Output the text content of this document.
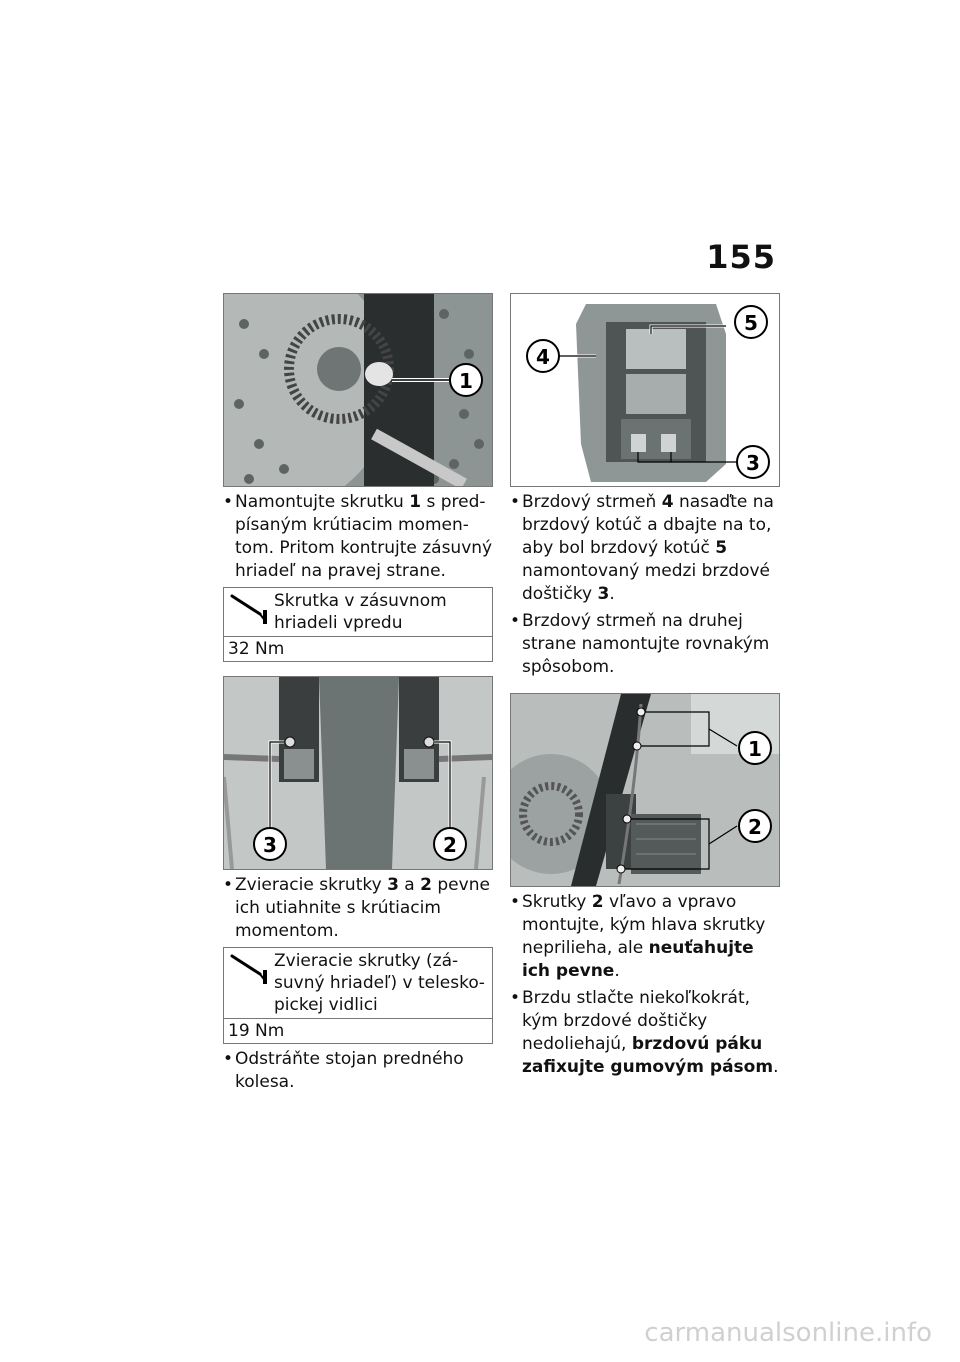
155
1
• Namontujte skrutku 1 s predpísaným krútiacim momentom. Pritom kontrujte zásuvný hriadeľ na pravej strane.
Skrutka v zásuvnom hriadeli vpredu
32 Nm
3	2
• Zvieracie skrutky 3 a 2 pevne ich utiahnite s krútiacim momentom.
Zvieracie skrutky (zásuvný hriadeľ) v teleskopickej vidlici
19 Nm
• Odstráňte stojan predného kolesa.
4
5
3
• Brzdový strmeň 4 nasaďte na brzdový kotúč a dbajte na to, aby bol brzdový kotúč 5 namontovaný medzi brzdové doštičky 3.
• Brzdový strmeň na druhej strane namontujte rovnakým spôsobom.
1
2
• Skrutky 2 vľavo a vpravo montujte, kým hlava skrutky neprilieha, ale neuťahujte ich pevne.
• Brzdu stlačte niekoľkokrát, kým brzdové doštičky nedoliehajú, brzdovú páku zafixujte gumovým pásom.
carmanualsonline.info
